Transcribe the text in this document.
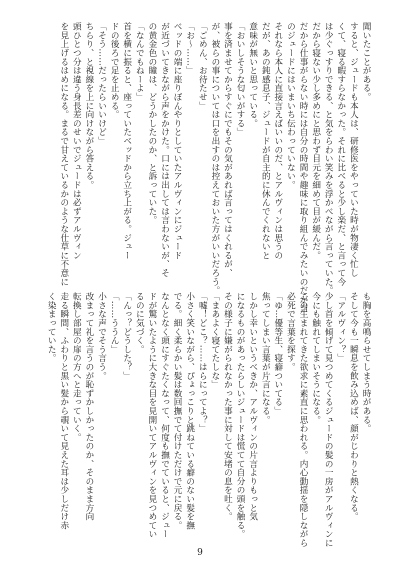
聞いたことがある。
すると、ジュードも本人は、研修医をやっていた時が物凄く忙し
くて、寝る暇すらなかった。それに比べると少し楽だ、と言って今
は少ぐっすりできる、と気をらわい笑みを浮かべながら言っていた。
だから寝ない少し多めにと思わず目元を細めて目が緩んだ。
だから仕事がらない時には自分の時間や趣味に取り組んでみたいのだが当
のジュードにはいまいち伝わっていない。
それなら本人に直接言えばいいのだ、とアルヴィンは思うの
だが、あの鈍感息子、ジュードが自主的に休んでくれないと
意味が無いと思っている。
「おいしそうな匂いがする」
事を済ませてからすぐにでもその気があれば言ってはくれるが、
が、被らの事については口を出すのは控えておいた方がいいだろう。
「ごめん、お待たせ」
「お〜……」
ベッドの端に座りぼんやりとしていたアルヴィンにジュード
が近づいてきながら声をかけた。口には出しては言わないが、そ
の黄金色の瞳は、どうかしたのか、と訴っていた。
「なんでもねーよ」
首を横に振ると、座っていたベッドから立ち上がる。ジュー
ドの後ろで足を止める。
「そう……だったらいいけど」
ちらり、と視線を上に向けながら答える。
頭ひとつ分は違う身長差のせいでジュードは必ずアルヴィン
を見上げるはめになる。まるで甘えているかのような仕草に不意に
も胸を高鳴らせてしまう時がある。
そして今も一瞬息を飲み込めば、顔がじわりと熱くなる。
「アルヴィン？」
少し首を傾げて見つめてくるジュードの髪の一房がアルヴィンに
今にも触れてしまいそうになる。
この生まれてきた欲求に素直に思われる。内心動揺を隠しながら
必死で言葉を探す。
「ゆ…優等生、寝癖ついてる」
焦ってしまい言葉が片言になる。
しかし幸いというべきか、アルヴィンの片言よりもっと気
になるものがあったらしいジュードは慌てて自分の頭を触る。
その様子に嫌がられなかった事に対して安堵の息を吐く。
「まあよく寝てたしな」
「嘘！どこ？……はらにってよ？」
小さく笑いながら、ぴょっこりと跳ねている癖のない髪を撫
でる。細く柔らかい髪は数回撫でて付けただけで元に戻る。
なんとなく頭にすぐたくなって、何度も撫でていると、ジュー
ドが驚いたように大きな目を見開いてアルヴィンを見つめてい
るのに気づく。
「んっ？どうした？」
「……ううん」
小さな声でそう言う。
改まって礼を言うのが恥ずかしかったのか、そのまま方向
転換し部屋の扉の方へと走っていく。
走る瞬間、ふわりと黒い髪から覗いて見えた耳は少しだけ赤
く染まっていた。
9
